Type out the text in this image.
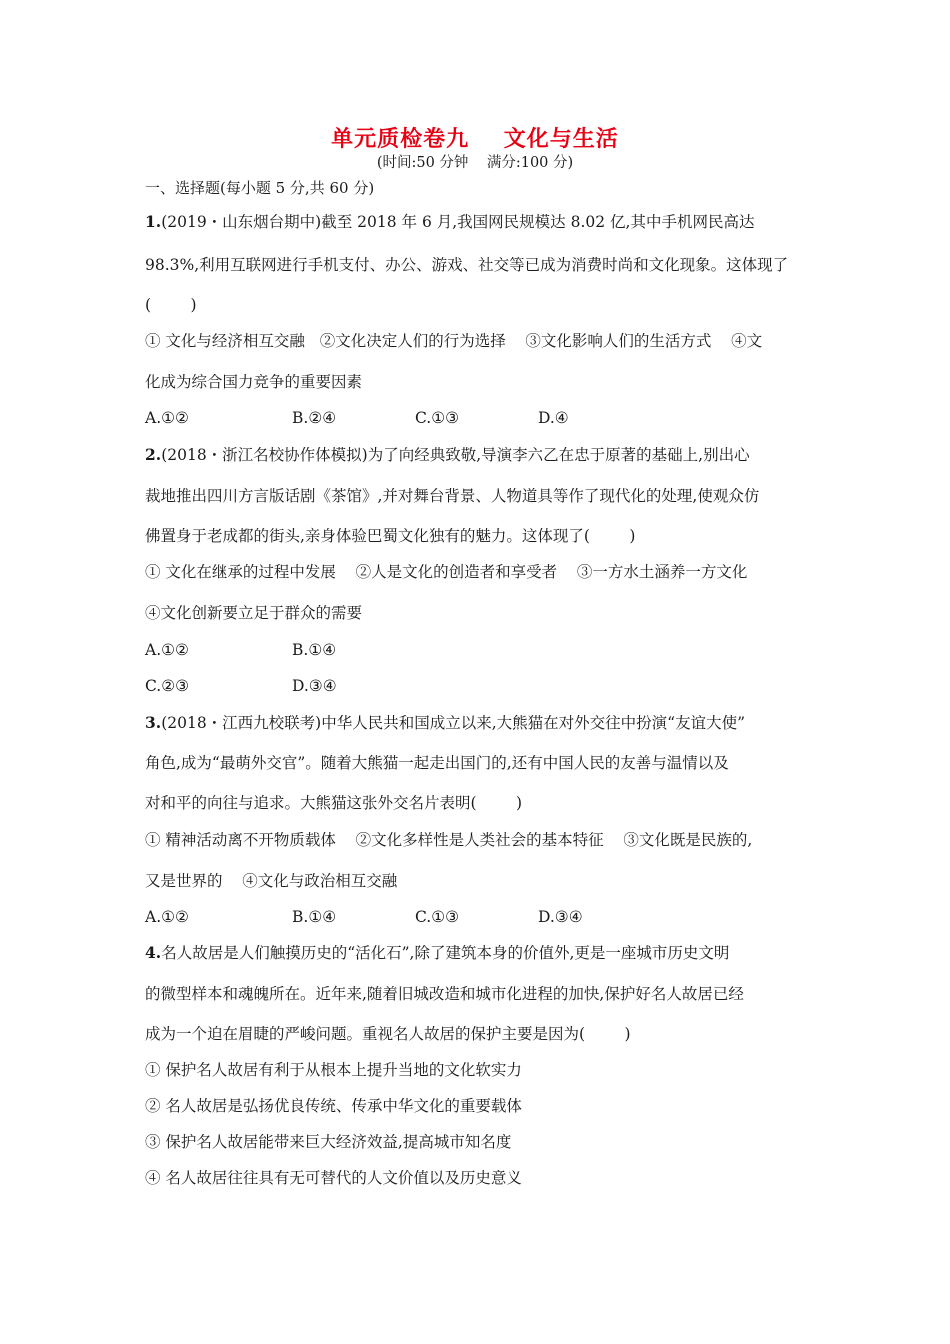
单元质检卷九    文化与生活
(时间:50 分钟    满分:100 分)
一、选择题(每小题 5 分,共 60 分)
1.(2019・山东烟台期中)截至 2018 年 6 月,我国网民规模达 8.02 亿,其中手机网民高达
98.3%,利用互联网进行手机支付、办公、游戏、社交等已成为消费时尚和文化现象。这体现了
(        )
① 文化与经济相互交融   ②文化决定人们的行为选择    ③文化影响人们的生活方式    ④文
化成为综合国力竞争的重要因素
A.①②	B.②④	C.①③	D.④
2.(2018・浙江名校协作体模拟)为了向经典致敬,导演李六乙在忠于原著的基础上,别出心
裁地推出四川方言版话剧《茶馆》,并对舞台背景、人物道具等作了现代化的处理,使观众仿
佛置身于老成都的街头,亲身体验巴蜀文化独有的魅力。这体现了(        )
① 文化在继承的过程中发展    ②人是文化的创造者和享受者    ③一方水土涵养一方文化
④文化创新要立足于群众的需要
A.①②	B.①④
C.②③	D.③④
3.(2018・江西九校联考)中华人民共和国成立以来,大熊猫在对外交往中扮演“友谊大使”
角色,成为“最萌外交官”。随着大熊猫一起走出国门的,还有中国人民的友善与温情以及
对和平的向往与追求。大熊猫这张外交名片表明(        )
① 精神活动离不开物质载体    ②文化多样性是人类社会的基本特征    ③文化既是民族的,
又是世界的    ④文化与政治相互交融
A.①②	B.①④	C.①③	D.③④
4.名人故居是人们触摸历史的“活化石”,除了建筑本身的价值外,更是一座城市历史文明
的微型样本和魂魄所在。近年来,随着旧城改造和城市化进程的加快,保护好名人故居已经
成为一个迫在眉睫的严峻问题。重视名人故居的保护主要是因为(        )
① 保护名人故居有利于从根本上提升当地的文化软实力
② 名人故居是弘扬优良传统、传承中华文化的重要载体
③ 保护名人故居能带来巨大经济效益,提高城市知名度
④ 名人故居往往具有无可替代的人文价值以及历史意义
